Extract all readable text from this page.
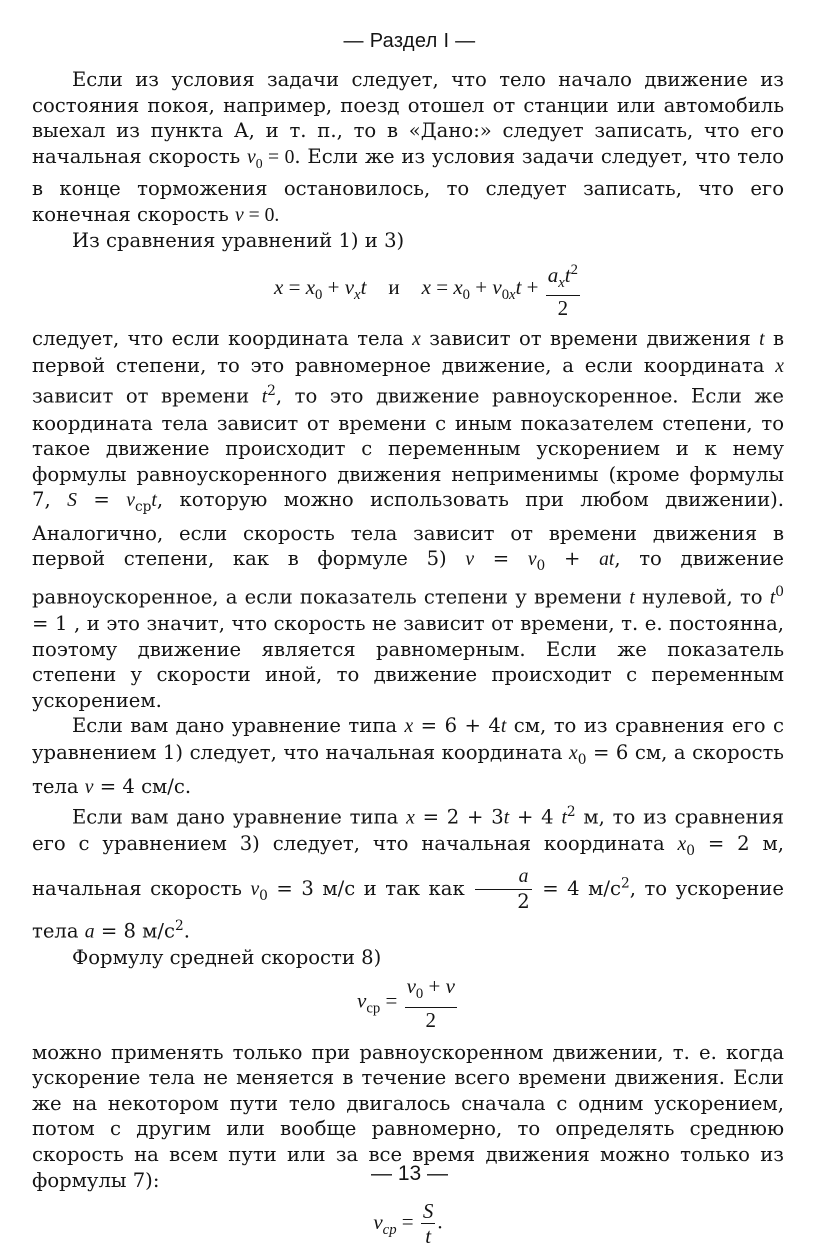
— Раздел I —

Если из условия задачи следует, что тело начало движение из состояния покоя, например, поезд отошел от станции или автомобиль выехал из пункта А, и т. п., то в «Дано:» следует записать, что его начальная скорость $v_0 = 0$. Если же из условия задачи следует, что тело в конце торможения остановилось, то следует записать, что его конечная скорость v = 0.

Из сравнения уравнений 1) и 3)

$x = x_0 + v_xt$ и $x = x_0 + v_{0x}t + \frac{a_xt^2}{2}$

следует, что если координата тела x зависит от времени движения t в первой степени, то это равномерное движение, а если координата x зависит от времени $t^2$, то это движение равноускоренное. Если же координата тела зависит от времени с иным показателем степени, то такое движение происходит с переменным ускорением и к нему формулы равноускоренного движения неприменимы (кроме формулы 7, $S = v_{ср}t$, которую можно использовать при любом движении). Аналогично, если скорость тела зависит от времени движения в первой степени, как в формуле 5) $v = v_0$ + at, то движение равноускоренное, а если показатель степени у времени t нулевой, то $t^0 = 1$ , и это значит, что скорость не зависит от времени, т. е. постоянна, поэтому движение является равномерным. Если же показатель степени у скорости иной, то движение происходит с переменным ускорением.

Если вам дано уравнение типа x = 6 + 4t см, то из сравнения его с уравнением 1) следует, что начальная координата $x_0 = 6$ см, а скорость тела v = 4 см/с.

Если вам дано уравнение типа x = 2 + 3t + 4 $t^2$ м, то из сравнения его с уравнением 3) следует, что начальная координата $x_0 = 2$ м, начальная скорость $v_0 = 3$ м/с и так как $\frac{a}{2} = 4$ $м/с^2$, то ускорение тела a = 8 $м/с^2$.

Формулу средней скорости 8)

$v_{ср} = \frac{v_0 + v}{2}$

можно применять только при равноускоренном движении, т. е. когда ускорение тела не меняется в течение всего времени движения. Если же на некотором пути тело двигалось сначала с одним ускорением, потом с другим или вообще равномерно, то определять среднюю скорость на всем пути или за все время движения можно только из формулы 7):

$v_{cp} = \frac{S}{t}$ .
— 13 —
